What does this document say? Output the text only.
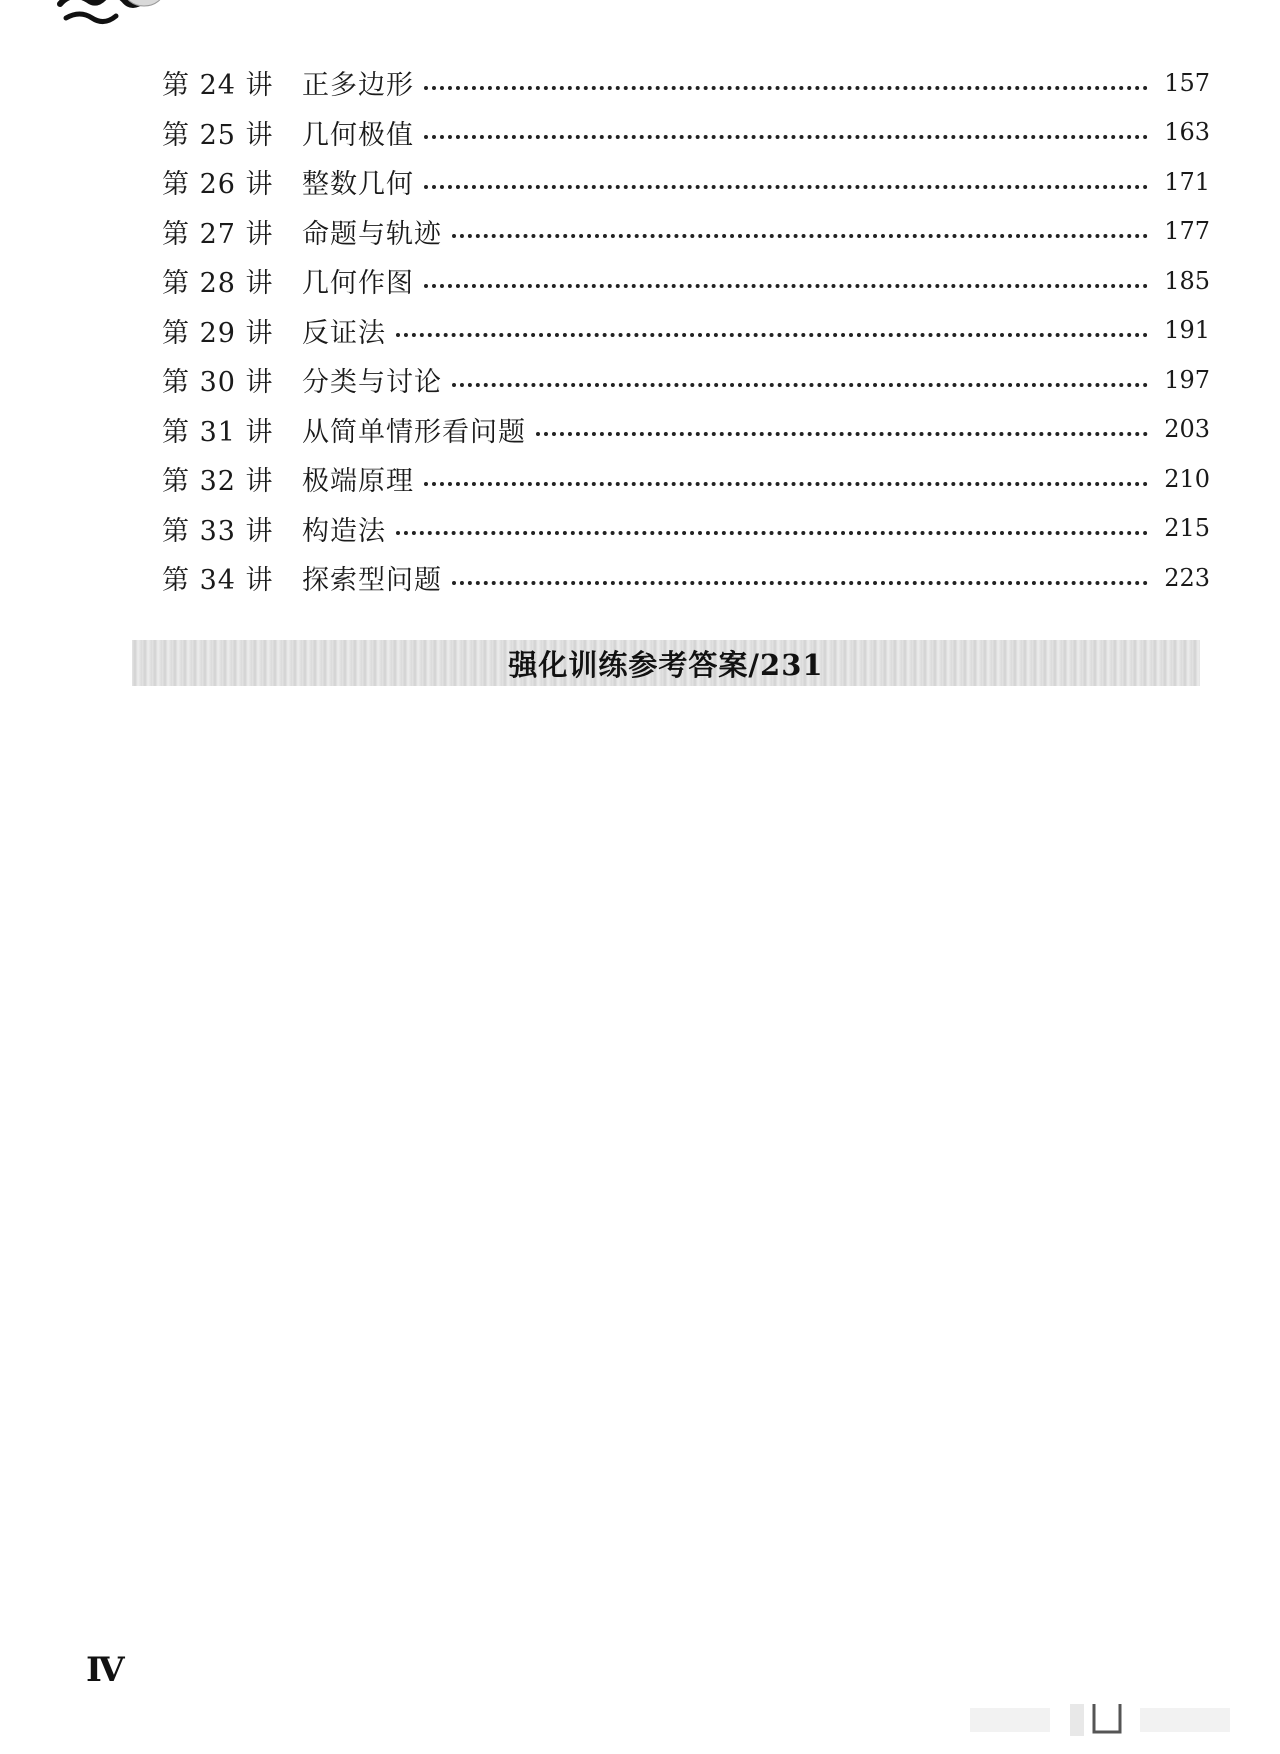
第 24 讲	正多边形	157
第 25 讲	几何极值	163
第 26 讲	整数几何	171
第 27 讲	命题与轨迹	177
第 28 讲	几何作图	185
第 29 讲	反证法	191
第 30 讲	分类与讨论	197
第 31 讲	从简单情形看问题	203
第 32 讲	极端原理	210
第 33 讲	构造法	215
第 34 讲	探索型问题	223
强化训练参考答案/231
Ⅳ
